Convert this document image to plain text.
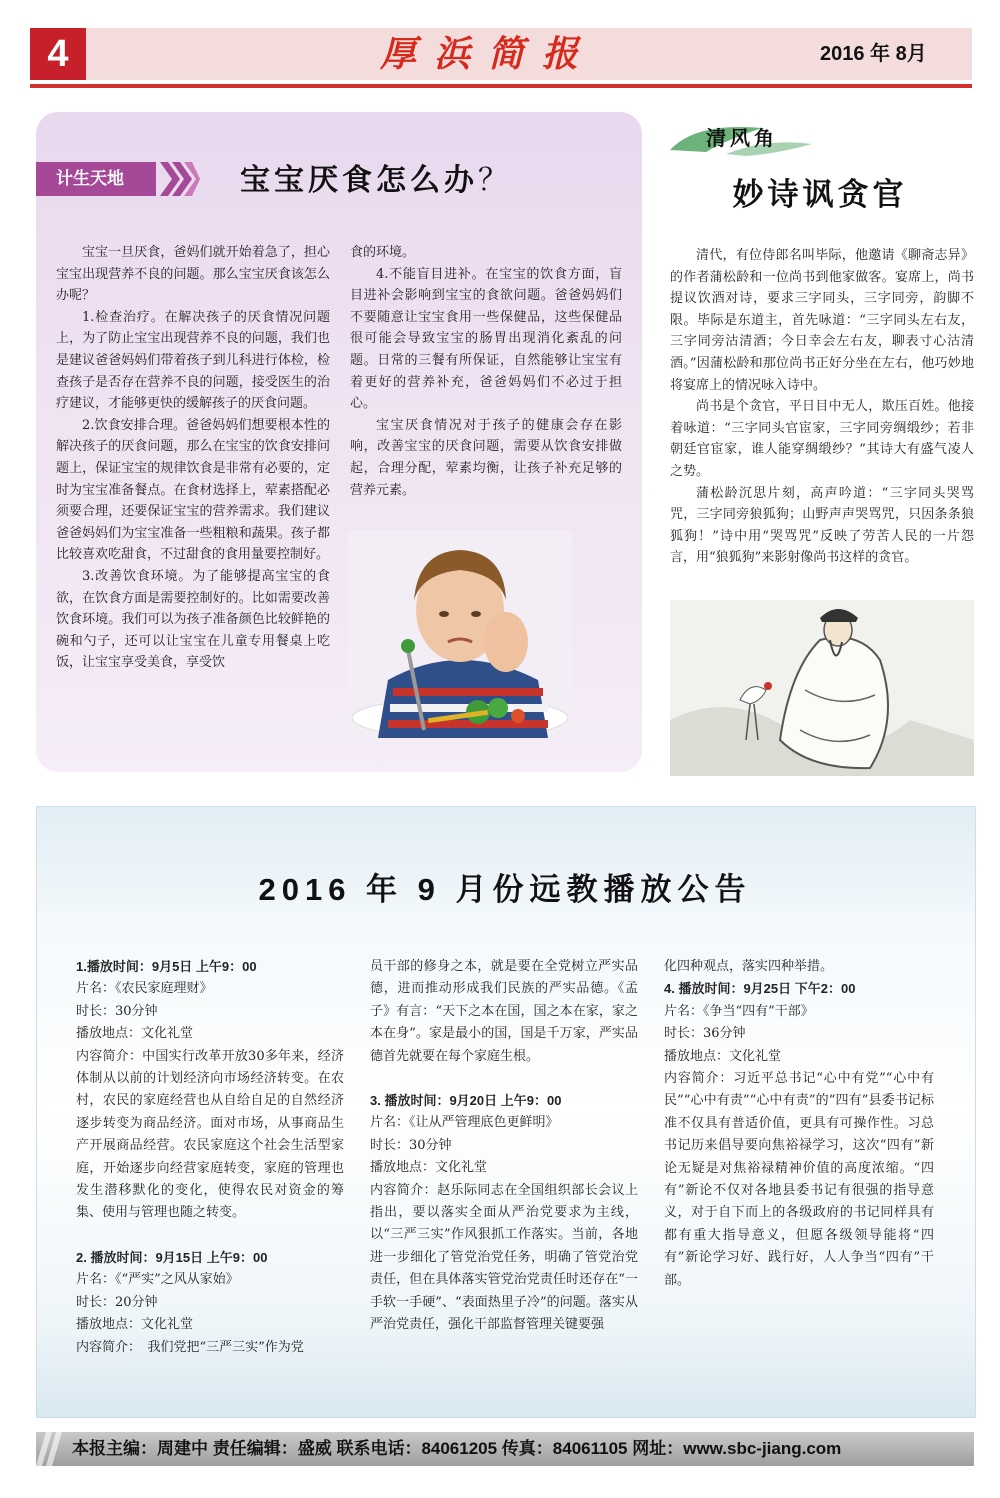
4	厚浜简报	2016 年 8月
计生天地	宝宝厌食怎么办？

宝宝一旦厌食，爸妈们就开始着急了，担心宝宝出现营养不良的问题。那么宝宝厌食该怎么办呢？

1.检查治疗。在解决孩子的厌食情况问题上，为了防止宝宝出现营养不良的问题，我们也是建议爸爸妈妈们带着孩子到儿科进行体检，检查孩子是否存在营养不良的问题，接受医生的治疗建议，才能够更快的缓解孩子的厌食问题。

2.饮食安排合理。爸爸妈妈们想要根本性的解决孩子的厌食问题，那么在宝宝的饮食安排问题上，保证宝宝的规律饮食是非常有必要的，定时为宝宝准备餐点。在食材选择上，荤素搭配必须要合理，还要保证宝宝的营养需求。我们建议爸爸妈妈们为宝宝准备一些粗粮和蔬果。孩子都比较喜欢吃甜食，不过甜食的食用量要控制好。

3.改善饮食环境。为了能够提高宝宝的食欲，在饮食方面是需要控制好的。比如需要改善饮食环境。我们可以为孩子准备颜色比较鲜艳的碗和勺子，还可以让宝宝在儿童专用餐桌上吃饭，让宝宝享受美食，享受饮

食的环境。

4.不能盲目进补。在宝宝的饮食方面，盲目进补会影响到宝宝的食欲问题。爸爸妈妈们不要随意让宝宝食用一些保健品，这些保健品很可能会导致宝宝的肠胃出现消化紊乱的问题。日常的三餐有所保证，自然能够让宝宝有着更好的营养补充，爸爸妈妈们不必过于担心。

宝宝厌食情况对于孩子的健康会存在影响，改善宝宝的厌食问题，需要从饮食安排做起，合理分配，荤素均衡，让孩子补充足够的营养元素。

清风角
妙诗讽贪官

清代，有位侍郎名叫毕际，他邀请《聊斋志异》的作者蒲松龄和一位尚书到他家做客。宴席上，尚书提议饮酒对诗，要求三字同头，三字同旁，韵脚不限。毕际是东道主，首先咏道：“三字同头左右友，三字同旁沽清酒；今日幸会左右友，聊表寸心沽清酒。”因蒲松龄和那位尚书正好分坐在左右，他巧妙地将宴席上的情况咏入诗中。

尚书是个贪官，平日目中无人，欺压百姓。他接着咏道：“三字同头官宦家，三字同旁绸缎纱；若非朝廷官宦家，谁人能穿绸缎纱？”其诗大有盛气凌人之势。

蒲松龄沉思片刻，高声吟道：“三字同头哭骂咒，三字同旁狼狐狗；山野声声哭骂咒，只因条条狼狐狗！”诗中用“哭骂咒”反映了劳苦人民的一片怨言，用“狼狐狗”来影射像尚书这样的贪官。

2016 年 9 月份远教播放公告
1.播放时间：9月5日 上午9：00
片名：《农民家庭理财》
时长：30分钟
播放地点：文化礼堂
内容简介：中国实行改革开放30多年来，经济体制从以前的计划经济向市场经济转变。在农村，农民的家庭经营也从自给自足的自然经济逐步转变为商品经济。面对市场，从事商品生产开展商品经营。农民家庭这个社会生活型家庭，开始逐步向经营家庭转变，家庭的管理也发生潜移默化的变化，使得农民对资金的筹集、使用与管理也随之转变。
2. 播放时间：9月15日 上午9：00
片名：《“严实”之风从家始》
时长：20分钟
播放地点：文化礼堂
内容简介：　我们党把“三严三实”作为党
员干部的修身之本，就是要在全党树立严实品德，进而推动形成我们民族的严实品德。《孟子》有言：“天下之本在国，国之本在家，家之本在身”。家是最小的国，国是千万家，严实品德首先就要在每个家庭生根。
3. 播放时间：9月20日 上午9：00
片名：《让从严管理底色更鲜明》
时长：30分钟
播放地点：文化礼堂
内容简介：赵乐际同志在全国组织部长会议上指出，要以落实全面从严治党要求为主线，以“三严三实”作风狠抓工作落实。当前，各地进一步细化了管党治党任务，明确了管党治党责任，但在具体落实管党治党责任时还存在“一手软一手硬”、“表面热里子冷”的问题。落实从严治党责任，强化干部监督管理关键要强
化四种观点，落实四种举措。
4. 播放时间：9月25日 下午2：00
片名：《争当“四有”干部》
时长：36分钟
播放地点：文化礼堂
内容简介：习近平总书记“心中有党”“心中有民”“心中有责”“心中有责”的“四有”县委书记标准不仅具有普适价值，更具有可操作性。习总书记历来倡导要向焦裕禄学习，这次“四有”新论无疑是对焦裕禄精神价值的高度浓缩。“四有”新论不仅对各地县委书记有很强的指导意义，对于自下而上的各级政府的书记同样具有都有重大指导意义，但愿各级领导能将“四有”新论学习好、践行好，人人争当“四有”干部。
本报主编：周建中 责任编辑：盛威 联系电话：84061205 传真：84061105 网址：www.sbc-jiang.com
